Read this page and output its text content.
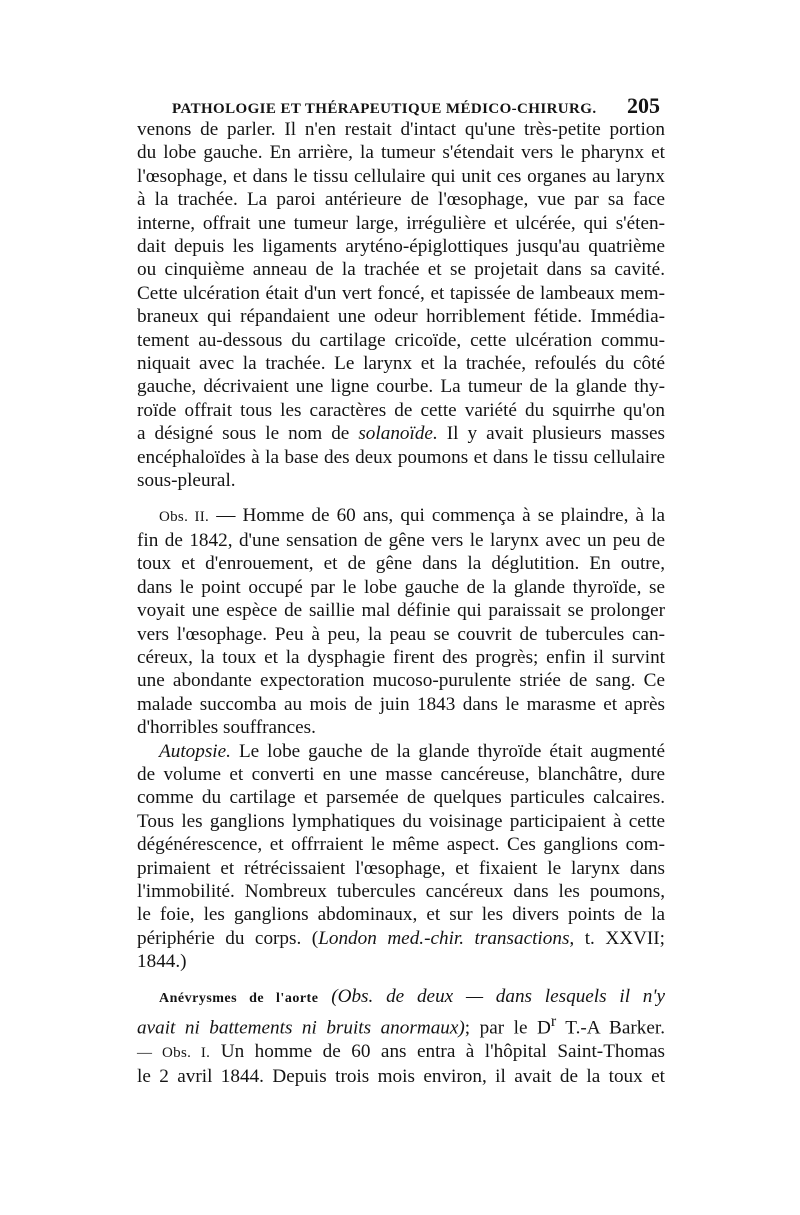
PATHOLOGIE ET THÉRAPEUTIQUE MÉDICO-CHIRURG. 205
venons de parler. Il n'en restait d'intact qu'une très-petite portion
du lobe gauche. En arrière, la tumeur s'étendait vers le pharynx et
l'œsophage, et dans le tissu cellulaire qui unit ces organes au larynx
à la trachée. La paroi antérieure de l'œsophage, vue par sa face
interne, offrait une tumeur large, irrégulière et ulcérée, qui s'éten-
dait depuis les ligaments aryténo-épiglottiques jusqu'au quatrième
ou cinquième anneau de la trachée et se projetait dans sa cavité.
Cette ulcération était d'un vert foncé, et tapissée de lambeaux mem-
braneux qui répandaient une odeur horriblement fétide. Immédia-
tement au-dessous du cartilage cricoïde, cette ulcération commu-
niquait avec la trachée. Le larynx et la trachée, refoulés du côté
gauche, décrivaient une ligne courbe. La tumeur de la glande thy-
roïde offrait tous les caractères de cette variété du squirrhe qu'on
a désigné sous le nom de solanoïde. Il y avait plusieurs masses
encéphaloïdes à la base des deux poumons et dans le tissu cellulaire
sous-pleural.
Obs. II. — Homme de 60 ans, qui commença à se plaindre, à la
fin de 1842, d'une sensation de gêne vers le larynx avec un peu de
toux et d'enrouement, et de gêne dans la déglutition. En outre,
dans le point occupé par le lobe gauche de la glande thyroïde, se
voyait une espèce de saillie mal définie qui paraissait se prolonger
vers l'œsophage. Peu à peu, la peau se couvrit de tubercules can-
céreux, la toux et la dysphagie firent des progrès; enfin il survint
une abondante expectoration mucoso-purulente striée de sang. Ce
malade succomba au mois de juin 1843 dans le marasme et après
d'horribles souffrances.
Autopsie. Le lobe gauche de la glande thyroïde était augmenté
de volume et converti en une masse cancéreuse, blanchâtre, dure
comme du cartilage et parsemée de quelques particules calcaires.
Tous les ganglions lymphatiques du voisinage participaient à cette
dégénérescence, et offrraient le même aspect. Ces ganglions com-
primaient et rétrécissaient l'œsophage, et fixaient le larynx dans
l'immobilité. Nombreux tubercules cancéreux dans les poumons,
le foie, les ganglions abdominaux, et sur les divers points de la
périphérie du corps. (London med.-chir. transactions, t. XXVII;
1844.)
Anévrysmes de l'aorte (Obs. de deux — dans lesquels il n'y
avait ni battements ni bruits anormaux); par le $D^r$ T.-A Barker.
— Obs. I. Un homme de 60 ans entra à l'hôpital Saint-Thomas
le 2 avril 1844. Depuis trois mois environ, il avait de la toux et
